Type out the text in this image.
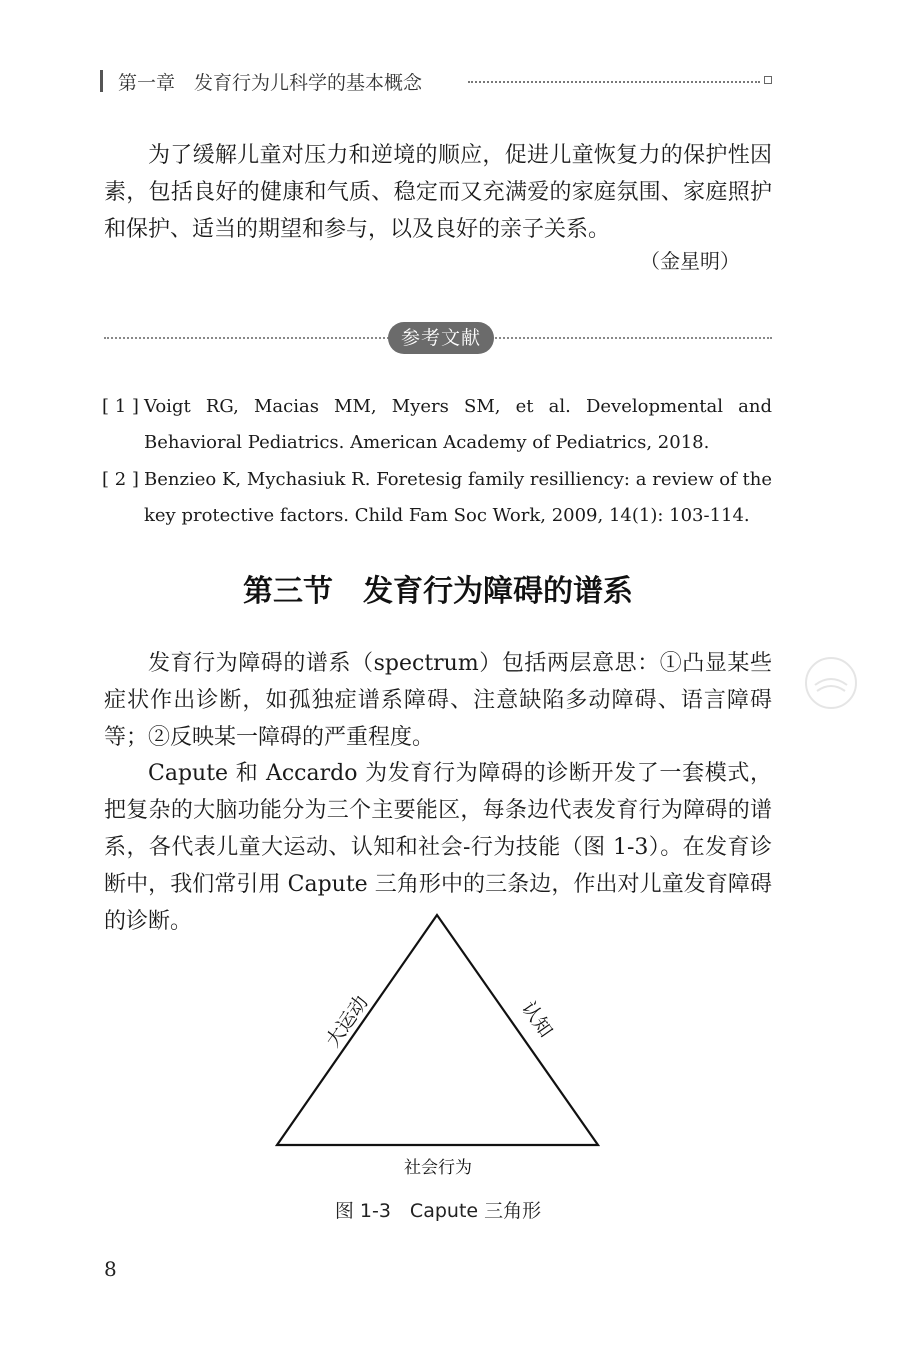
第一章　发育行为儿科学的基本概念

为了缓解儿童对压力和逆境的顺应，促进儿童恢复力的保护性因素，包括良好的健康和气质、稳定而又充满爱的家庭氛围、家庭照护和保护、适当的期望和参与，以及良好的亲子关系。

（金星明）
参考文献
[ 1 ] Voigt RG, Macias MM, Myers SM, et al. Developmental and Behavioral Pediatrics. American Academy of Pediatrics, 2018.
[ 2 ] Benzieo K, Mychasiuk R. Foretesig family resilliency: a review of the key protective factors. Child Fam Soc Work, 2009, 14(1): 103-114.
第三节　发育行为障碍的谱系

发育行为障碍的谱系（spectrum）包括两层意思：①凸显某些症状作出诊断，如孤独症谱系障碍、注意缺陷多动障碍、语言障碍等；②反映某一障碍的严重程度。

Capute 和 Accardo 为发育行为障碍的诊断开发了一套模式，把复杂的大脑功能分为三个主要能区，每条边代表发育行为障碍的谱系，各代表儿童大运动、认知和社会-行为技能（图 1-3）。在发育诊断中，我们常引用 Capute 三角形中的三条边，作出对儿童发育障碍的诊断。

大运动	认知
社会行为
图 1-3　Capute 三角形
8
